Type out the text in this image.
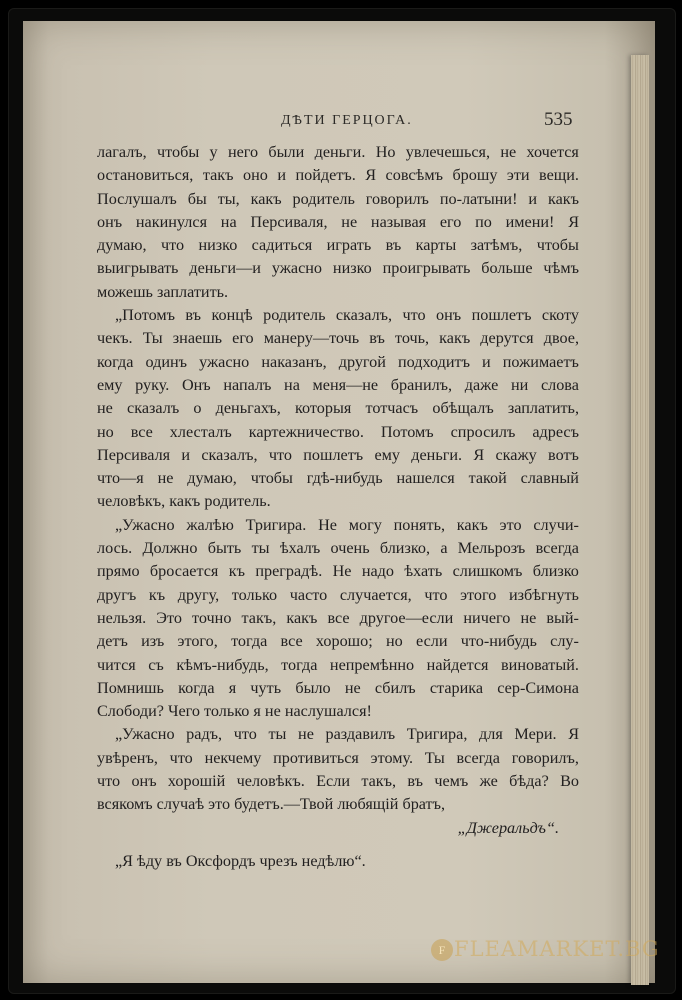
ДѢТИ ГЕРЦОГА.	535
лагалъ, чтобы у него были деньги. Но увлечешься, не хочется
остановиться, такъ оно и пойдетъ. Я совсѣмъ брошу эти вещи.
Послушалъ бы ты, какъ родитель говорилъ по-латыни! и какъ
онъ накинулся на Персиваля, не называя его по имени! Я
думаю, что низко садиться играть въ карты затѣмъ, чтобы
выигрывать деньги—и ужасно низко проигрывать больше чѣмъ
можешь заплатить.
„Потомъ въ концѣ родитель сказалъ, что онъ пошлетъ скоту
чекъ. Ты знаешь его манеру—точь въ точь, какъ дерутся двое,
когда одинъ ужасно наказанъ, другой подходитъ и пожимаетъ
ему руку. Онъ напалъ на меня—не бранилъ, даже ни слова
не сказалъ о деньгахъ, которыя тотчасъ обѣщалъ заплатить,
но все хлесталъ картежничество. Потомъ спросилъ адресъ
Персиваля и сказалъ, что пошлетъ ему деньги. Я скажу вотъ
что—я не думаю, чтобы гдѣ-нибудь нашелся такой славный
человѣкъ, какъ родитель.
„Ужасно жалѣю Тригира. Не могу понять, какъ это случи-
лось. Должно быть ты ѣхалъ очень близко, а Мельрозъ всегда
прямо бросается къ преградѣ. Не надо ѣхать слишкомъ близко
другъ къ другу, только часто случается, что этого избѣгнуть
нельзя. Это точно такъ, какъ все другое—если ничего не вый-
детъ изъ этого, тогда все хорошо; но если что-нибудь слу-
чится съ кѣмъ-нибудь, тогда непремѣнно найдется виноватый.
Помнишь когда я чуть было не сбилъ старика сер-Симона
Слободи? Чего только я не наслушался!
„Ужасно радъ, что ты не раздавилъ Тригира, для Мери. Я
увѣренъ, что некчему противиться этому. Ты всегда говорилъ,
что онъ хорошій человѣкъ. Если такъ, въ чемъ же бѣда? Во
всякомъ случаѣ это будетъ.—Твой любящій братъ,
„Джеральдъ“.
„Я ѣду въ Оксфордъ чрезъ недѣлю“.
F FLEAMARKET.BG
